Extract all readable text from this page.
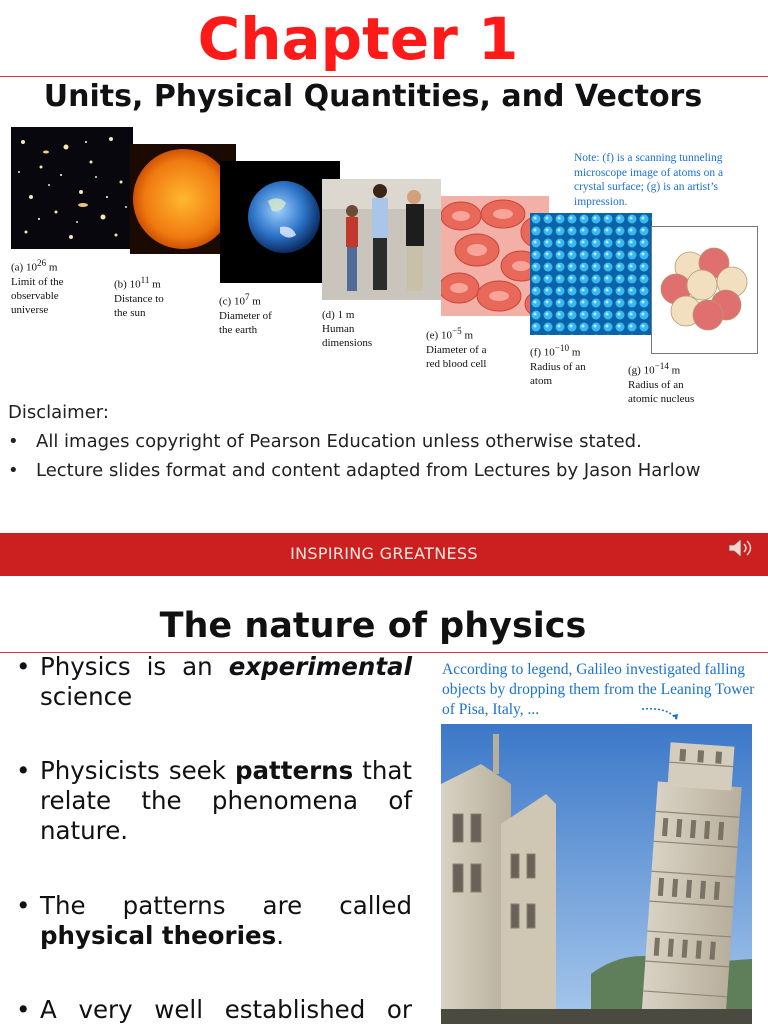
Chapter 1
Units, Physical Quantities, and Vectors
Note: (f) is a scanning tunneling microscope image of atoms on a crystal surface; (g) is an artist’s impression.
(a) $10^{26}$ m
Limit of the
observable
universe
(b) $10^{11}$ m
Distance to
the sun
(c) $10^7$ m
Diameter of
the earth
(d) 1 m
Human
dimensions
(e) $10^{-5}$ m
Diameter of a
red blood cell
(f) $10^{-10}$ m
Radius of an
atom
(g) $10^{-14}$ m
Radius of an
atomic nucleus
Disclaimer:
• All images copyright of Pearson Education unless otherwise stated.
• Lecture slides format and content adapted from Lectures by Jason Harlow
INSPIRING GREATNESS
The nature of physics
• Physics is an experimental
science
• Physicists seek patterns that
relate the phenomena of
nature.
• The patterns are called
physical theories.
• A very well established or
According to legend, Galileo investigated falling objects by dropping them from the Leaning Tower of Pisa, Italy, ...
